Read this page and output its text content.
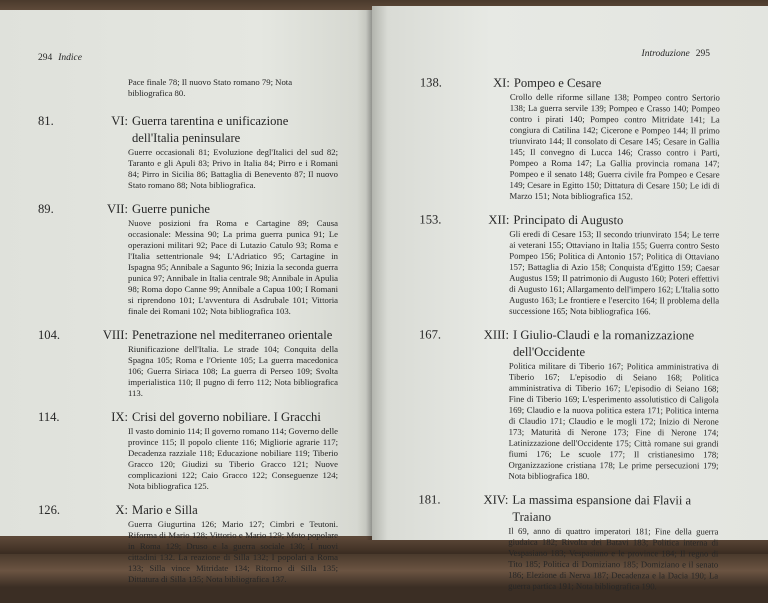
294 Indice
Pace finale 78; Il nuovo Stato romano 79; Nota bibliografica 80.
81.	VI: Guerra tarentina e unificazione dell'Italia peninsulare
Guerre occasionali 81; Evoluzione degl'Italici del sud 82; Taranto e gli Apuli 83; Privo in Italia 84; Pirro e i Romani 84; Pirro in Sicilia 86; Battaglia di Benevento 87; Il nuovo Stato romano 88; Nota bibliografica.
89.	VII: Guerre puniche
Nuove posizioni fra Roma e Cartagine 89; Causa occasionale: Messina 90; La prima guerra punica 91; Le operazioni militari 92; Pace di Lutazio Catulo 93; Roma e l'Italia settentrionale 94; L'Adriatico 95; Cartagine in Ispagna 95; Annibale a Sagunto 96; Inizia la seconda guerra punica 97; Annibale in Italia centrale 98; Annibale in Apulia 98; Roma dopo Canne 99; Annibale a Capua 100; I Romani si riprendono 101; L'avventura di Asdrubale 101; Vittoria finale dei Romani 102; Nota bibliografica 103.
104.	VIII: Penetrazione nel mediterraneo orientale
Riunificazione dell'Italia. Le strade 104; Conquita della Spagna 105; Roma e l'Oriente 105; La guerra macedonica 106; Guerra Siriaca 108; La guerra di Perseo 109; Svolta imperialistica 110; Il pugno di ferro 112; Nota bibliografica 113.
114.	IX: Crisi del governo nobiliare. I Gracchi
Il vasto dominio 114; Il governo romano 114; Governo delle province 115; Il popolo cliente 116; Migliorie agrarie 117; Decadenza razziale 118; Educazione nobiliare 119; Tiberio Gracco 120; Giudizi su Tiberio Gracco 121; Nuove complicazioni 122; Caio Gracco 122; Conseguenze 124; Nota bibliografica 125.
126.	X: Mario e Silla
Guerra Giugurtina 126; Mario 127; Cimbri e Teutoni. Riforma di Mario 128; Vittorio e Mario 129; Moto popolare in Roma 129; Druso e la guerra sociale 130; I nuovi cittadini 132. La reazione di Silla 132; I popolari a Roma 133; Silla vince Mitridate 134; Ritorno di Silla 135; Dittatura di Silla 135; Nota bibliografica 137.
Introduzione 295
138.	XI: Pompeo e Cesare
Crollo delle riforme sillane 138; Pompeo contro Sertorio 138; La guerra servile 139; Pompeo e Crasso 140; Pompeo contro i pirati 140; Pompeo contro Mitridate 141; La congiura di Catilina 142; Cicerone e Pompeo 144; Il primo triunvirato 144; Il consolato di Cesare 145; Cesare in Gallia 145; Il convegno di Lucca 146; Crasso contro i Parti, Pompeo a Roma 147; La Gallia provincia romana 147; Pompeo e il senato 148; Guerra civile fra Pompeo e Cesare 149; Cesare in Egitto 150; Dittatura di Cesare 150; Le idi di Marzo 151; Nota bibliografica 152.
153.	XII: Principato di Augusto
Gli eredi di Cesare 153; Il secondo triunvirato 154; Le terre ai veterani 155; Ottaviano in Italia 155; Guerra contro Sesto Pompeo 156; Politica di Antonio 157; Politica di Ottaviano 157; Battaglia di Azio 158; Conquista d'Egitto 159; Caesar Augustus 159; Il patrimonio di Augusto 160; Poteri effettivi di Augusto 161; Allargamento dell'impero 162; L'Italia sotto Augusto 163; Le frontiere e l'esercito 164; Il problema della successione 165; Nota bibliografica 166.
167.	XIII: I Giulio-Claudi e la romanizzazione dell'Occidente
Politica militare di Tiberio 167; Politica amministrativa di Tiberio 167; L'episodio di Seiano 168; Politica amministrativa di Tiberio 167; L'episodio di Seiano 168; Fine di Tiberio 169; L'esperimento assolutistico di Caligola 169; Claudio e la nuova politica estera 171; Politica interna di Claudio 171; Claudio e le mogli 172; Inizio di Nerone 173; Maturità di Nerone 173; Fine di Nerone 174; Latinizzazione dell'Occidente 175; Città romane sui grandi fiumi 176; Le scuole 177; Il cristianesimo 178; Organizzazione cristiana 178; Le prime persecuzioni 179; Nota bibliografica 180.
181.	XIV: La massima espansione dai Flavii a Traiano
Il 69, anno di quattro imperatori 181; Fine della guerra giudaica 182; Rivolta dei Batavi 183; Politica interna di Vespasiano 183; Vespasiano e le province 184; Il regno di Tito 185; Politica di Domiziano 185; Domiziano e il senato 186; Elezione di Nerva 187; Decadenza e la Dacia 190; La guerra partica 191; Nota bibliografica 190.
